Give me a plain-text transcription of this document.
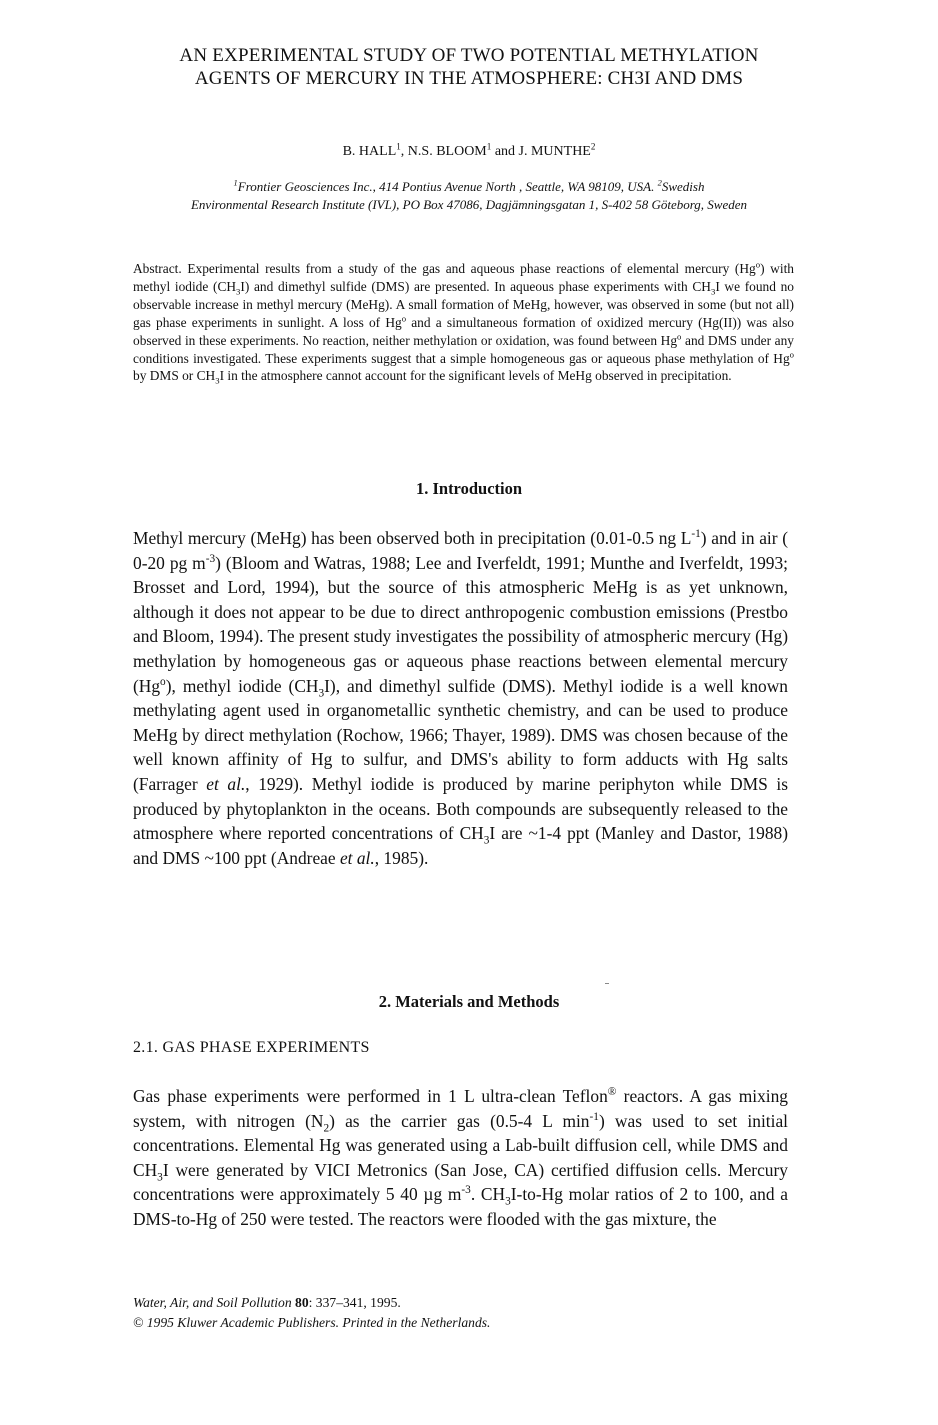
AN EXPERIMENTAL STUDY OF TWO POTENTIAL METHYLATION
AGENTS OF MERCURY IN THE ATMOSPHERE: CH3I AND DMS
B. HALL$^1$, N.S. BLOOM$^1$ and J. MUNTHE$^2$
$^1$Frontier Geosciences Inc., 414 Pontius Avenue North , Seattle, WA 98109, USA. $^2$Swedish
Environmental Research Institute (IVL), PO Box 47086, Dagjämningsgatan 1, S-402 58 Göteborg, Sweden
Abstract. Experimental results from a study of the gas and aqueous phase reactions of elemental mercury (Hg$^o$) with methyl iodide $(CH_3I)$ and dimethyl sulfide (DMS) are presented. In aqueous phase experiments with $CH_3I$ we found no observable increase in methyl mercury (MeHg). A small formation of MeHg, however, was observed in some (but not all) gas phase experiments in sunlight. A loss of Hg$^o$ and a simultaneous formation of oxidized mercury (Hg(II)) was also observed in these experiments. No reaction, neither methylation or oxidation, was found between Hg$^o$ and DMS under any conditions investigated. These experiments suggest that a simple homogeneous gas or aqueous phase methylation of Hg$^o$ by DMS or $CH_3I$ in the atmosphere cannot account for the significant levels of MeHg observed in precipitation.
1. Introduction
Methyl mercury (MeHg) has been observed both in precipitation (0.01-0.5 ng $L^{-1}$) and in air ( 0-20 pg $m^{-3}$) (Bloom and Watras, 1988; Lee and Iverfeldt, 1991; Munthe and Iverfeldt, 1993; Brosset and Lord, 1994), but the source of this atmospheric MeHg is as yet unknown, although it does not appear to be due to direct anthropogenic combustion emissions (Prestbo and Bloom, 1994). The present study investigates the possibility of atmospheric mercury (Hg) methylation by homogeneous gas or aqueous phase reactions between elemental mercury (Hg$^o$), methyl iodide $(CH_3I)$, and dimethyl sulfide (DMS). Methyl iodide is a well known methylating agent used in organometallic synthetic chemistry, and can be used to produce MeHg by direct methylation (Rochow, 1966; Thayer, 1989). DMS was chosen because of the well known affinity of Hg to sulfur, and DMS's ability to form adducts with Hg salts (Farrager et al., 1929). Methyl iodide is produced by marine periphyton while DMS is produced by phytoplankton in the oceans. Both compounds are subsequently released to the atmosphere where reported concentrations of $CH_3I$ are ~1-4 ppt (Manley and Dastor, 1988) and DMS ~100 ppt (Andreae et al., 1985).
2. Materials and Methods
2.1. GAS PHASE EXPERIMENTS
Gas phase experiments were performed in 1 L ultra-clean Teflon® reactors. A gas mixing system, with nitrogen $(N_2)$ as the carrier gas (0.5-4 L $\min^{-1}$) was used to set initial concentrations. Elemental Hg was generated using a Lab-built diffusion cell, while DMS and $CH_3I$ were generated by VICI Metronics (San Jose, CA) certified diffusion cells. Mercury concentrations were approximately 5 40 µg $m^{-3}$. $CH_3I-to-Hg$ molar ratios of 2 to 100, and a DMS-to-Hg of 250 were tested. The reactors were flooded with the gas mixture, the
Water, Air, and Soil Pollution 80: 337–341, 1995.
© 1995 Kluwer Academic Publishers. Printed in the Netherlands.
